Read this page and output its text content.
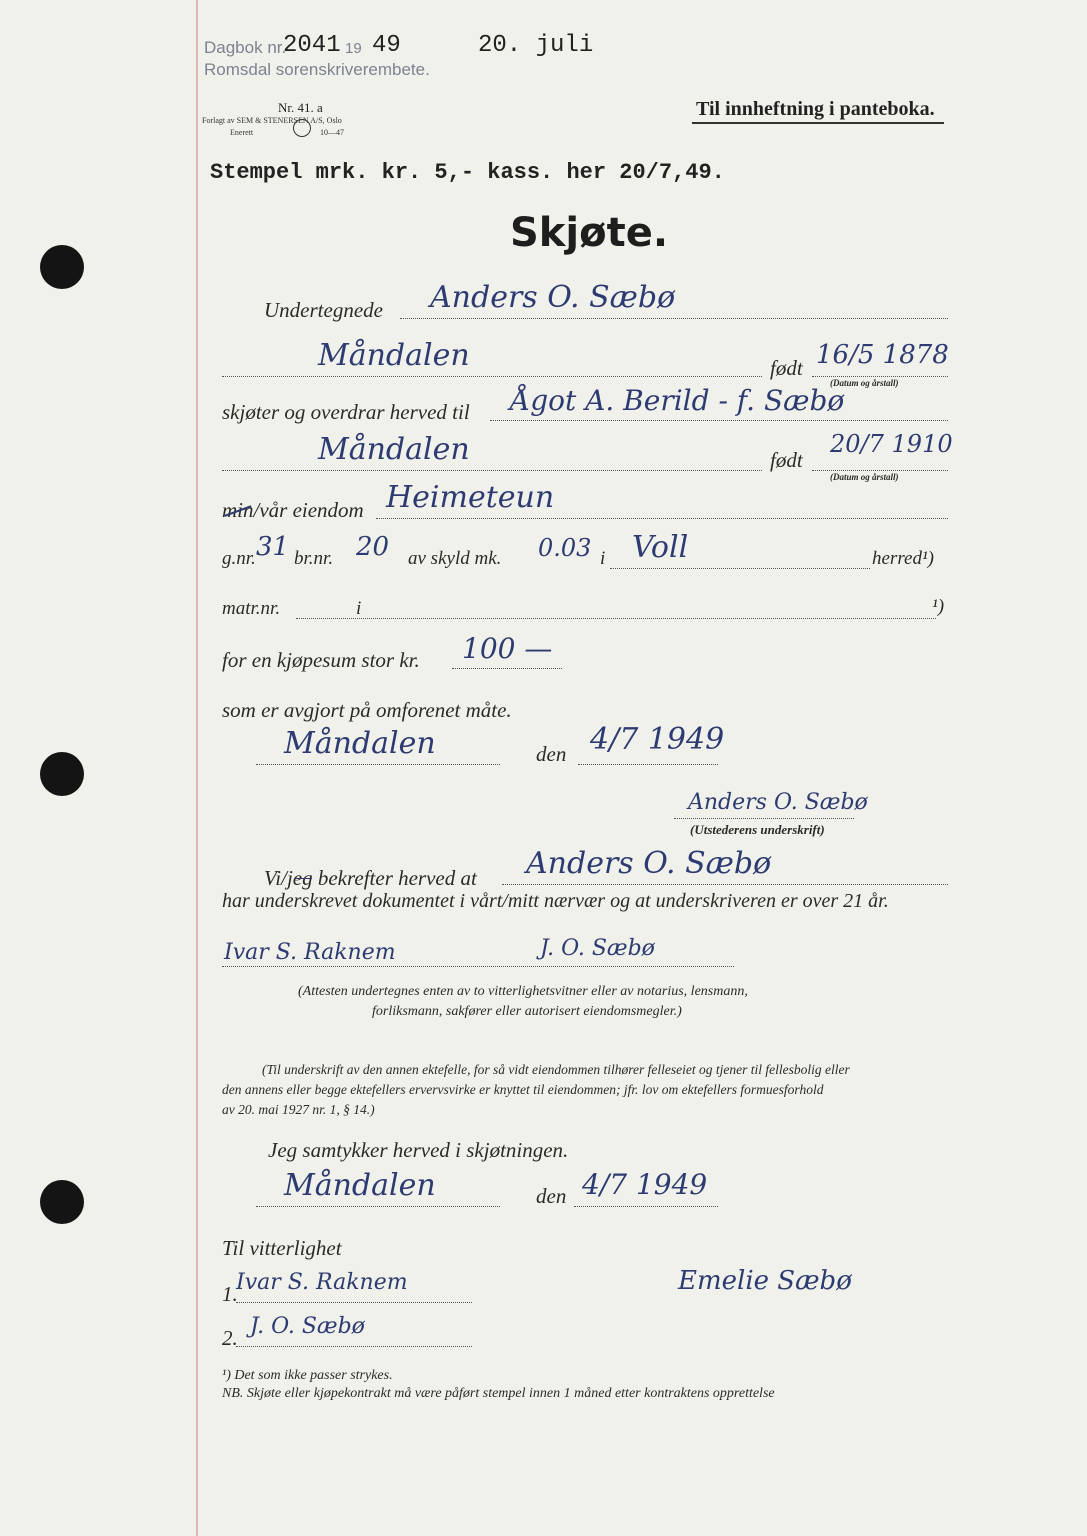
Dagbok nr.
2041 19 49	20. juli
Romsdal sorenskriverembete.
Nr. 41. a
Forlagt av SEM & STENERSEN A/S, Oslo
Enerett	10—47
Til innheftning i panteboka.
Stempel mrk. kr. 5,- kass. her 20/7,49.
Skjøte.
Undertegnede Anders O. Sæbø
Måndalen	født 16/5 1878
(Datum og årstall)
skjøter og overdrar herved til Ågot A. Berild - f. Sæbø
Måndalen	født
20/7 1910
(Datum og årstall)
min/vår eiendom Heimeteun
g.nr. 31 br.nr. 20 av skyld mk. 0.03 i Voll	herred¹)
matr.nr.	i	¹)
for en kjøpesum stor kr. 100 —
som er avgjort på omforenet måte.
Måndalen	den 4/7 1949
Anders O. Sæbø
(Utstederens underskrift)
Vi/jeg bekrefter herved at Anders O. Sæbø
har underskrevet dokumentet i vårt/mitt nærvær og at underskriveren er over 21 år.
Ivar S. Raknem	J. O. Sæbø
(Attesten undertegnes enten av to vitterlighetsvitner eller av notarius, lensmann,
forliksmann, sakfører eller autorisert eiendomsmegler.)
(Til underskrift av den annen ektefelle, for så vidt eiendommen tilhører felleseiet og tjener til fellesbolig eller
den annens eller begge ektefellers ervervsvirke er knyttet til eiendommen; jfr. lov om ektefellers formuesforhold
av 20. mai 1927 nr. 1, § 14.)
Jeg samtykker herved i skjøtningen.
Måndalen	den 4/7 1949
Til vitterlighet
1.
Ivar S. Raknem	Emelie Sæbø
2. J. O. Sæbø
¹) Det som ikke passer strykes.
NB. Skjøte eller kjøpekontrakt må være påført stempel innen 1 måned etter kontraktens opprettelse
